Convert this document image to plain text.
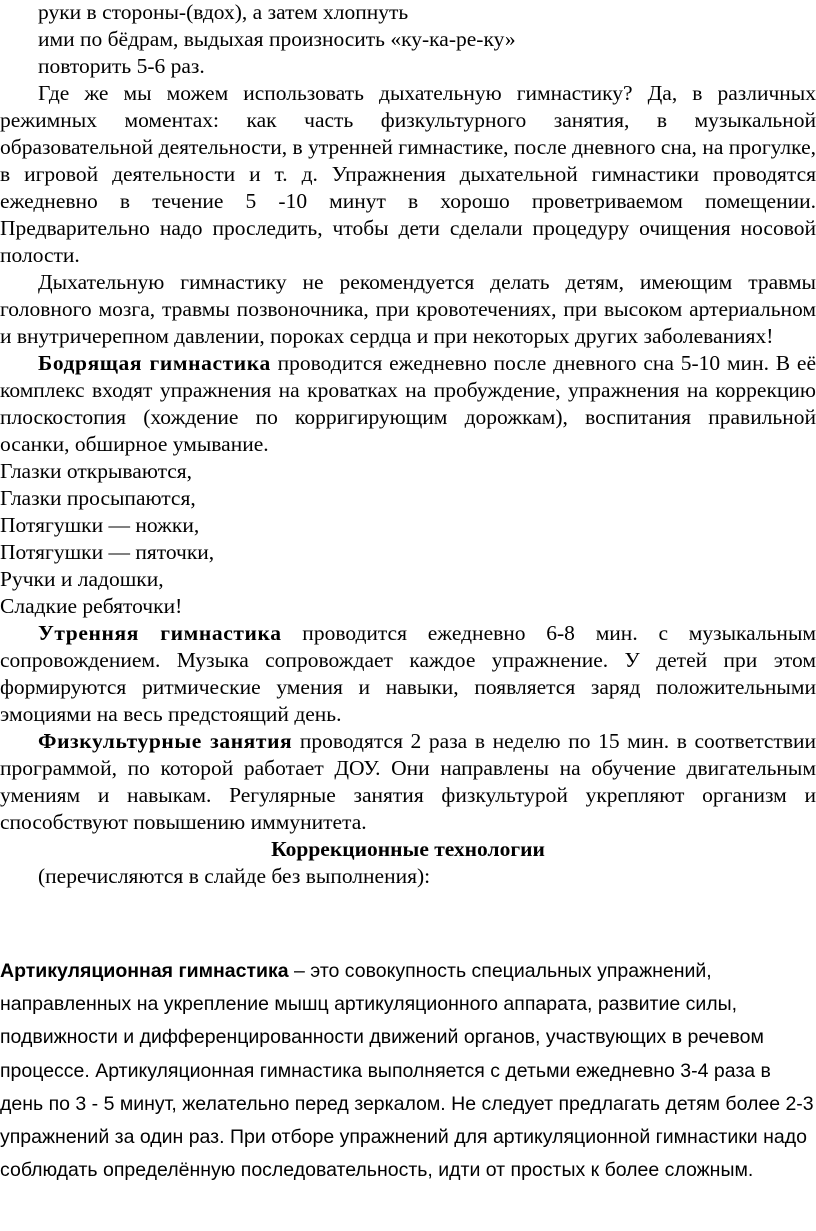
руки в стороны-(вдох), а затем хлопнуть

ими по бёдрам, выдыхая произносить «ку-ка-ре-ку»

повторить 5-6 раз.

Где же мы можем использовать дыхательную гимнастику? Да, в различных режимных моментах: как часть физкультурного занятия, в музыкальной образовательной деятельности, в утренней гимнастике, после дневного сна, на прогулке, в игровой деятельности и т. д. Упражнения дыхательной гимнастики проводятся ежедневно в течение 5 -10 минут в хорошо проветриваемом помещении. Предварительно надо проследить, чтобы дети сделали процедуру очищения носовой полости.

Дыхательную гимнастику не рекомендуется делать детям, имеющим травмы головного мозга, травмы позвоночника, при кровотечениях, при высоком артериальном и внутричерепном давлении, пороках сердца и при некоторых других заболеваниях!

Бодрящая гимнастика проводится ежедневно после дневного сна 5-10 мин. В её комплекс входят упражнения на кроватках на пробуждение, упражнения на коррекцию плоскостопия (хождение по корригирующим дорожкам), воспитания правильной осанки, обширное умывание.

Глазки открываются,

Глазки просыпаются,

Потягушки — ножки,

Потягушки — пяточки,

Ручки и ладошки,

Сладкие ребяточки!

Утренняя гимнастика проводится ежедневно 6-8 мин. с музыкальным сопровождением. Музыка сопровождает каждое упражнение. У детей при этом формируются ритмические умения и навыки, появляется заряд положительными эмоциями на весь предстоящий день.

Физкультурные занятия проводятся 2 раза в неделю по 15 мин. в соответствии программой, по которой работает ДОУ. Они направлены на обучение двигательным умениям и навыкам. Регулярные занятия физкультурой укрепляют организм и способствуют повышению иммунитета.

Коррекционные технологии

(перечисляются в слайде без выполнения):

Артикуляционная гимнастика – это совокупность специальных упражнений, направленных на укрепление мышц артикуляционного аппарата, развитие силы, подвижности и дифференцированности движений органов, участвующих в речевом процессе. Артикуляционная гимнастика выполняется с детьми ежедневно 3-4 раза в день по 3 - 5 минут, желательно перед зеркалом. Не следует предлагать детям более 2-3 упражнений за один раз. При отборе упражнений для артикуляционной гимнастики надо соблюдать определённую последовательность, идти от простых к более сложным.
